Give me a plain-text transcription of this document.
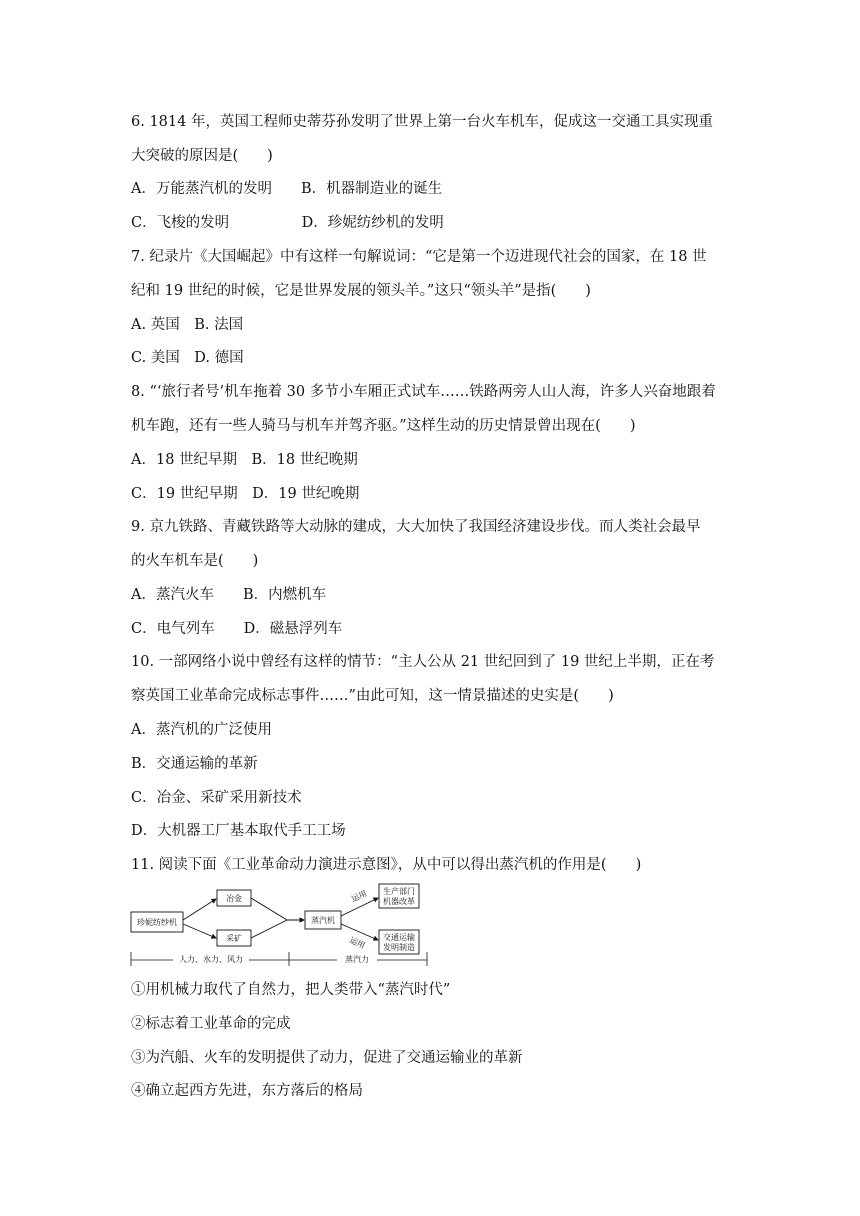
6. 1814 年，英国工程师史蒂芬孙发明了世界上第一台火车机车，促成这一交通工具实现重
大突破的原因是(　　)
A．万能蒸汽机的发明　　B．机器制造业的诞生
C．飞梭的发明　　　　　D．珍妮纺纱机的发明
7. 纪录片《大国崛起》中有这样一句解说词：“它是第一个迈进现代社会的国家，在 18 世
纪和 19 世纪的时候，它是世界发展的领头羊。”这只“领头羊”是指(　　)
A. 英国　B. 法国
C. 美国　D. 德国
8. “‘旅行者号’机车拖着 30 多节小车厢正式试车……铁路两旁人山人海，许多人兴奋地跟着
机车跑，还有一些人骑马与机车并驾齐驱。”这样生动的历史情景曾出现在(　　)
A．18 世纪早期　B．18 世纪晚期
C．19 世纪早期　D．19 世纪晚期
9. 京九铁路、青藏铁路等大动脉的建成，大大加快了我国经济建设步伐。而人类社会最早
的火车机车是(　　)
A．蒸汽火车　　B．内燃机车
C．电气列车　　D．磁悬浮列车
10. 一部网络小说中曾经有这样的情节：“主人公从 21 世纪回到了 19 世纪上半期，正在考
察英国工业革命完成标志事件……”由此可知，这一情景描述的史实是(　　)
A．蒸汽机的广泛使用
B．交通运输的革新
C．冶金、采矿采用新技术
D．大机器工厂基本取代手工工场
11. 阅读下面《工业革命动力演进示意图》，从中可以得出蒸汽机的作用是(　　)
珍妮纺纱机
冶金
采矿
蒸汽机
生产部门
机器改革
交通运输
发明制造
运用
运用
人力、水力、风力	蒸汽力
①用机械力取代了自然力，把人类带入“蒸汽时代”
②标志着工业革命的完成
③为汽船、火车的发明提供了动力，促进了交通运输业的革新
④确立起西方先进，东方落后的格局
